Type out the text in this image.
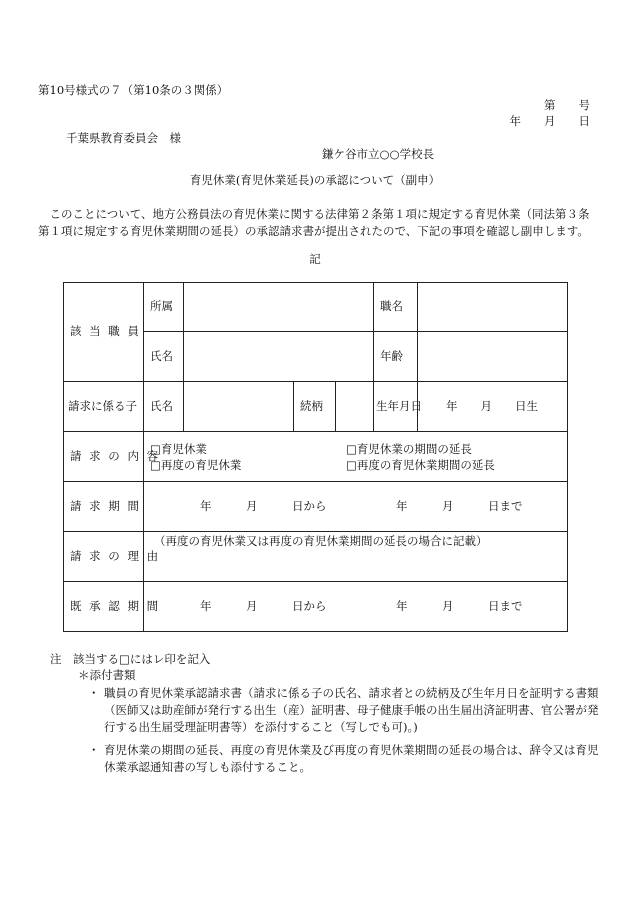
第10号様式の７（第10条の３関係）
第　　号
年　　月　　日
千葉県教育委員会　様
鎌ケ谷市立○○学校長
育児休業(育児休業延長)の承認について（副申）
このことについて、地方公務員法の育児休業に関する法律第２条第１項に規定する育児休業（同法第３条第１項に規定する育児休業期間の延長）の承認請求書が提出されたので、下記の事項を確認し副申します。
記
該 当 職 員	所属				職名	
	氏名				年齢	
請求に係る子	氏名		続柄		生年月日	年　　月　　日生
請 求 の 内 容	□育児休業 □育児休業の期間の延長
□再度の育児休業 □再度の育児休業期間の延長					

請 求 期 間	年　　　月　　　日から 年　　　月　　　日まで					
請 求 の 理 由	（再度の育児休業又は再度の育児休業期間の延長の場合に記載）					
既 承 認 期 間	年　　　月　　　日から 年　　　月　　　日まで					
注　該当する□にはレ印を記入
＊添付書類
・ 職員の育児休業承認請求書（請求に係る子の氏名、請求者との続柄及び生年月日を証明する書類（医師又は助産師が発行する出生（産）証明書、母子健康手帳の出生届出済証明書、官公署が発行する出生届受理証明書等）を添付すること（写しでも可)。)
・ 育児休業の期間の延長、再度の育児休業及び再度の育児休業期間の延長の場合は、辞令又は育児休業承認通知書の写しも添付すること。
